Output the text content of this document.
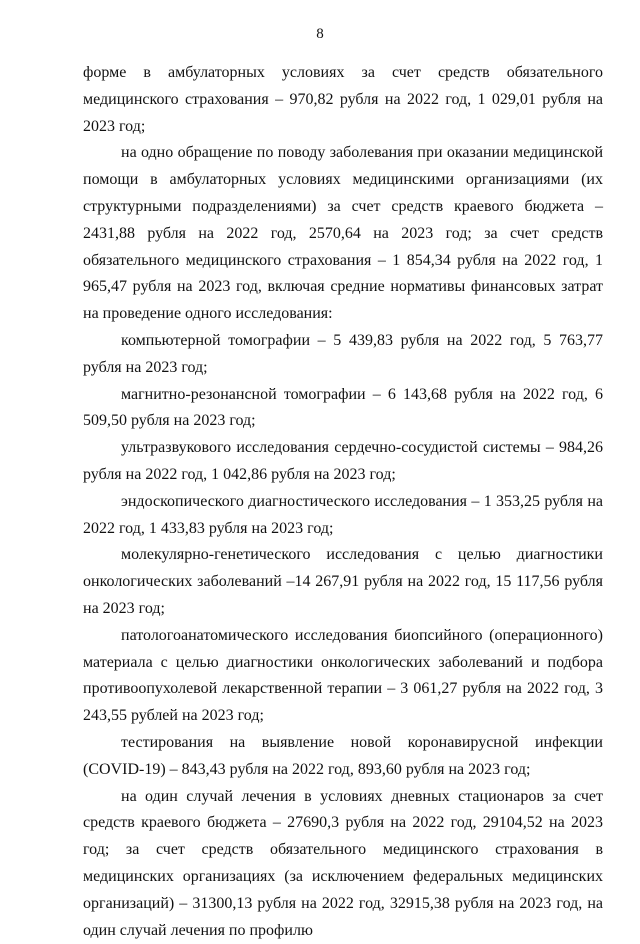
8

форме в амбулаторных условиях за счет средств обязательного медицинского страхования – 970,82 рубля на 2022 год, 1 029,01 рубля на 2023 год;

на одно обращение по поводу заболевания при оказании медицинской помощи в амбулаторных условиях медицинскими организациями (их структурными подразделениями) за счет средств краевого бюджета – 2431,88 рубля на 2022 год, 2570,64 на 2023 год; за счет средств обязательного медицинского страхования – 1 854,34 рубля на 2022 год, 1 965,47 рубля на 2023 год, включая средние нормативы финансовых затрат на проведение одного исследования:

компьютерной томографии – 5 439,83 рубля на 2022 год, 5 763,77 рубля на 2023 год;

магнитно-резонансной томографии – 6 143,68 рубля на 2022 год, 6 509,50 рубля на 2023 год;

ультразвукового исследования сердечно-сосудистой системы – 984,26 рубля на 2022 год, 1 042,86 рубля на 2023 год;

эндоскопического диагностического исследования – 1 353,25 рубля на 2022 год, 1 433,83 рубля на 2023 год;

молекулярно-генетического исследования с целью диагностики онкологических заболеваний –14 267,91 рубля на 2022 год, 15 117,56 рубля на 2023 год;

патологоанатомического исследования биопсийного (операционного) материала с целью диагностики онкологических заболеваний и подбора противоопухолевой лекарственной терапии – 3 061,27 рубля на 2022 год, 3 243,55 рублей на 2023 год;

тестирования на выявление новой коронавирусной инфекции (COVID-19) – 843,43 рубля на 2022 год, 893,60 рубля на 2023 год;

на один случай лечения в условиях дневных стационаров за счет средств краевого бюджета – 27690,3 рубля на 2022 год, 29104,52 на 2023 год; за счет средств обязательного медицинского страхования в медицинских организациях (за исключением федеральных медицинских организаций) – 31300,13 рубля на 2022 год, 32915,38 рубля на 2023 год, на один случай лечения по профилю
